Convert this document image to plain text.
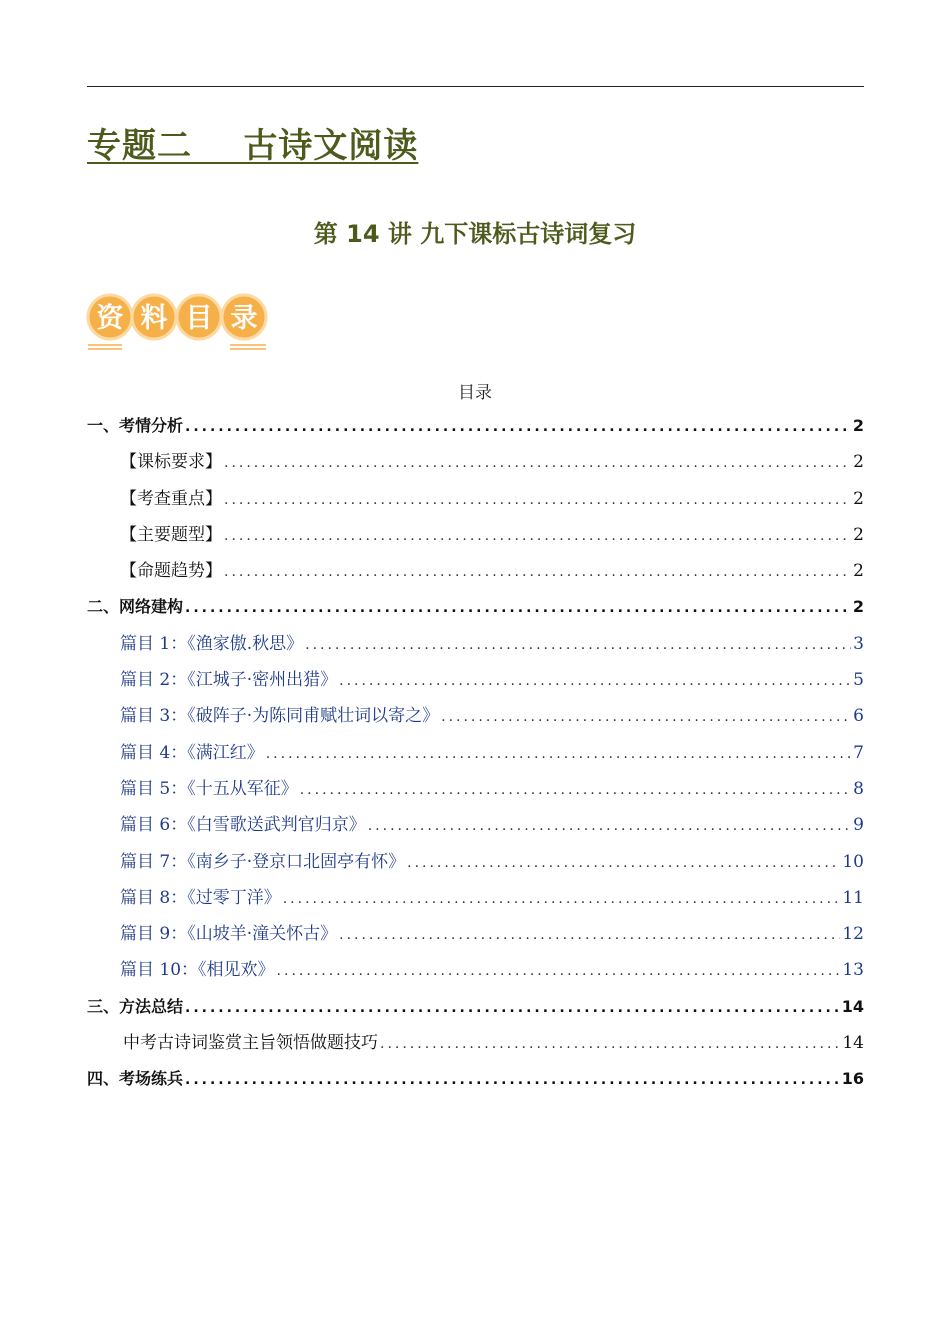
专题二    古诗文阅读
第 14 讲 九下课标古诗词复习
资 料 目 录
目录
一、考情分析 .....	2
【课标要求】 .....	2
【考查重点】 .....	2
【主要题型】 .....	2
【命题趋势】 .....	2
二、网络建构 .....	2
篇目 1：《渔家傲.秋思》 .....	3
篇目 2：《江城子·密州出猎》 .....	5
篇目 3：《破阵子·为陈同甫赋壮词以寄之》 .....	6
篇目 4：《满江红》 .....	7
篇目 5：《十五从军征》 .....	8
篇目 6：《白雪歌送武判官归京》 .....	9
篇目 7：《南乡子·登京口北固亭有怀》 .....	10
篇目 8：《过零丁洋》 .....	11
篇目 9：《山坡羊·潼关怀古》 .....	12
篇目 10：《相见欢》 .....	13
三、方法总结 .....	14
中考古诗词鉴赏主旨领悟做题技巧 .....	14
四、考场练兵 .....	16
